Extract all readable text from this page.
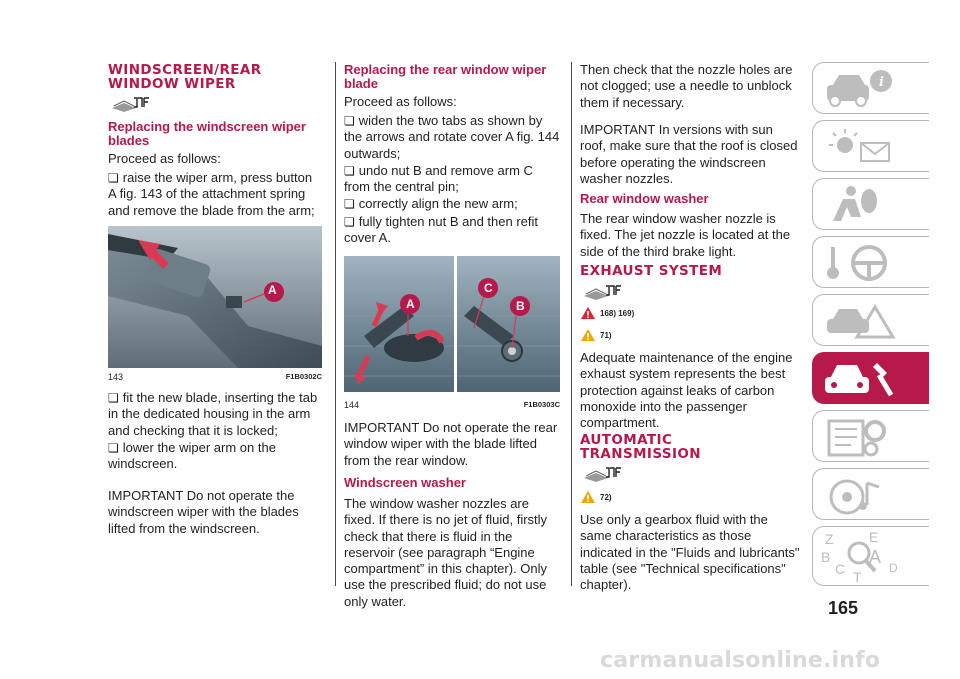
WINDSCREEN/REAR WINDOW WIPER
Replacing the windscreen wiper blades

Proceed as follows:

❏ raise the wiper arm, press button A fig. 143 of the attachment spring and remove the blade from the arm;

A
143	F1B0302C

❏ fit the new blade, inserting the tab in the dedicated housing in the arm and checking that it is locked;

❏ lower the wiper arm on the windscreen.

IMPORTANT Do not operate the windscreen wiper with the blades lifted from the windscreen.

Replacing the rear window wiper blade

Proceed as follows:

❏ widen the two tabs as shown by the arrows and rotate cover A fig. 144 outwards;

❏ undo nut B and remove arm C from the central pin;

❏ correctly align the new arm;

❏ fully tighten nut B and then refit cover A.

C
B
A
144	F1B0303C

IMPORTANT Do not operate the rear window wiper with the blade lifted from the rear window.

Windscreen washer

The window washer nozzles are fixed. If there is no jet of fluid, firstly check that there is fluid in the reservoir (see paragraph “Engine compartment” in this chapter). Only use the prescribed fluid; do not use only water.

Then check that the nozzle holes are not clogged; use a needle to unblock them if necessary.

IMPORTANT In versions with sun roof, make sure that the roof is closed before operating the windscreen washer nozzles.

Rear window washer

The rear window washer nozzle is fixed. The jet nozzle is located at the side of the third brake light.

EXHAUST SYSTEM
168) 169)
71)

Adequate maintenance of the engine exhaust system represents the best protection against leaks of carbon monoxide into the passenger compartment.

AUTOMATIC TRANSMISSION
72)

Use only a gearbox fluid with the same characteristics as those indicated in the "Fluids and lubricants" table (see "Technical specifications" chapter).

i
Z	E
B A
C	D
T
165
carmanualsonline.info
